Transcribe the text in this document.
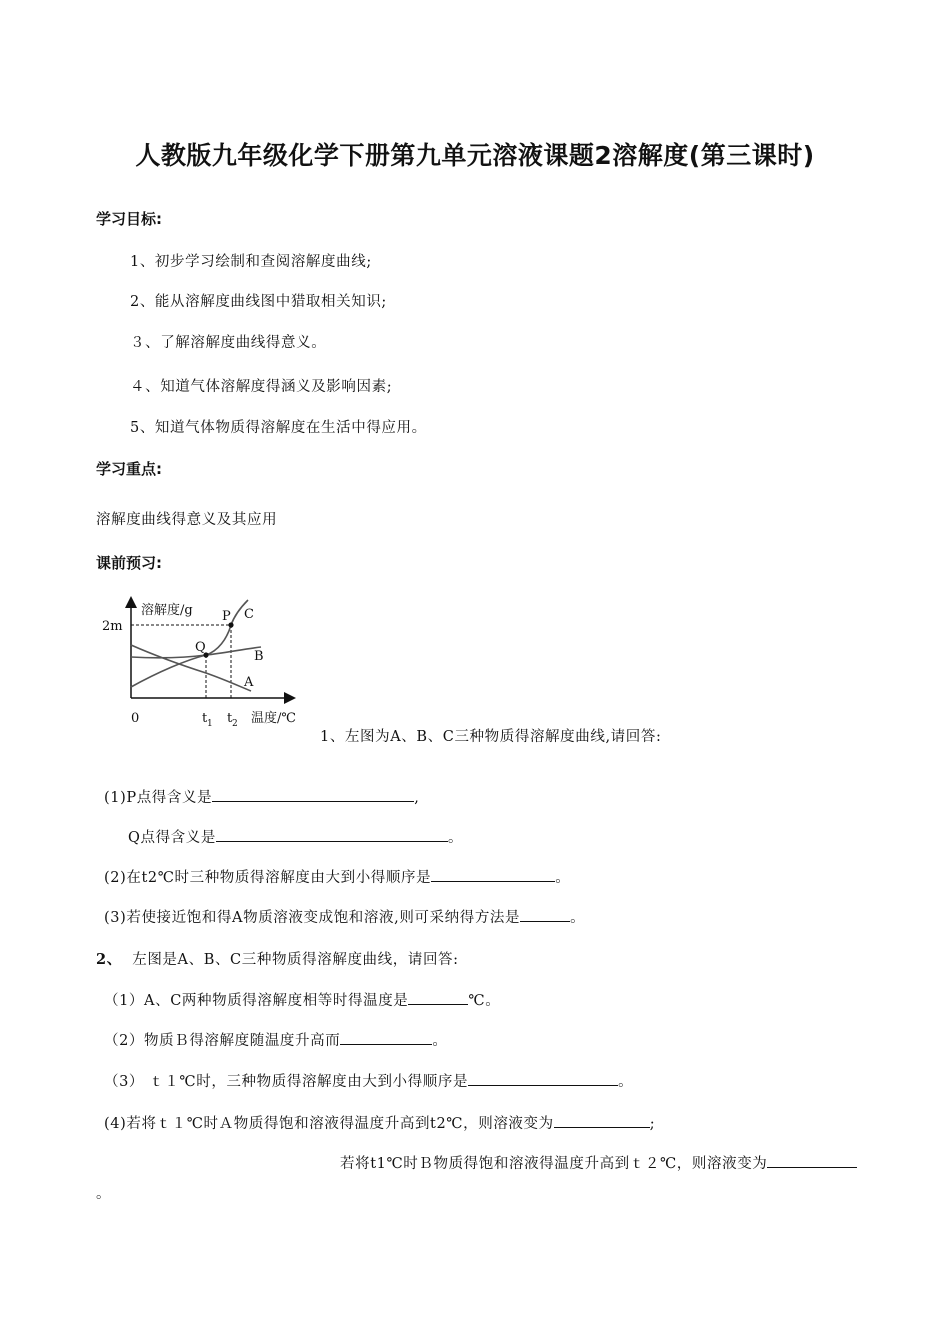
人教版九年级化学下册第九单元溶液课题2溶解度(第三课时)
学习目标:
1、初步学习绘制和查阅溶解度曲线;
2、能从溶解度曲线图中猎取相关知识;
３、了解溶解度曲线得意义。
４、知道气体溶解度得涵义及影响因素;
5、知道气体物质得溶解度在生活中得应用。
学习重点:
溶解度曲线得意义及其应用
课前预习:
溶解度/g
2m
0	t 1 t 2 温度/℃
P C
Q
B
A
1、左图为A、B、C三种物质得溶解度曲线,请回答:
(1)P点得含义是	,
Q点得含义是	。
(2)在t2℃时三种物质得溶解度由大到小得顺序是	。
(3)若使接近饱和得A物质溶液变成饱和溶液,则可采纳得方法是	。
2、 左图是A、B、C三种物质得溶解度曲线，请回答:
（1）A、C两种物质得溶解度相等时得温度是	℃。
（2）物质Ｂ得溶解度随温度升高而	。
（3） ｔ１℃时，三种物质得溶解度由大到小得顺序是	。
(4)若将ｔ１℃时Ａ物质得饱和溶液得温度升高到t2℃，则溶液变为	;
若将t1℃时Ｂ物质得饱和溶液得温度升高到ｔ２℃，则溶液变为
。
